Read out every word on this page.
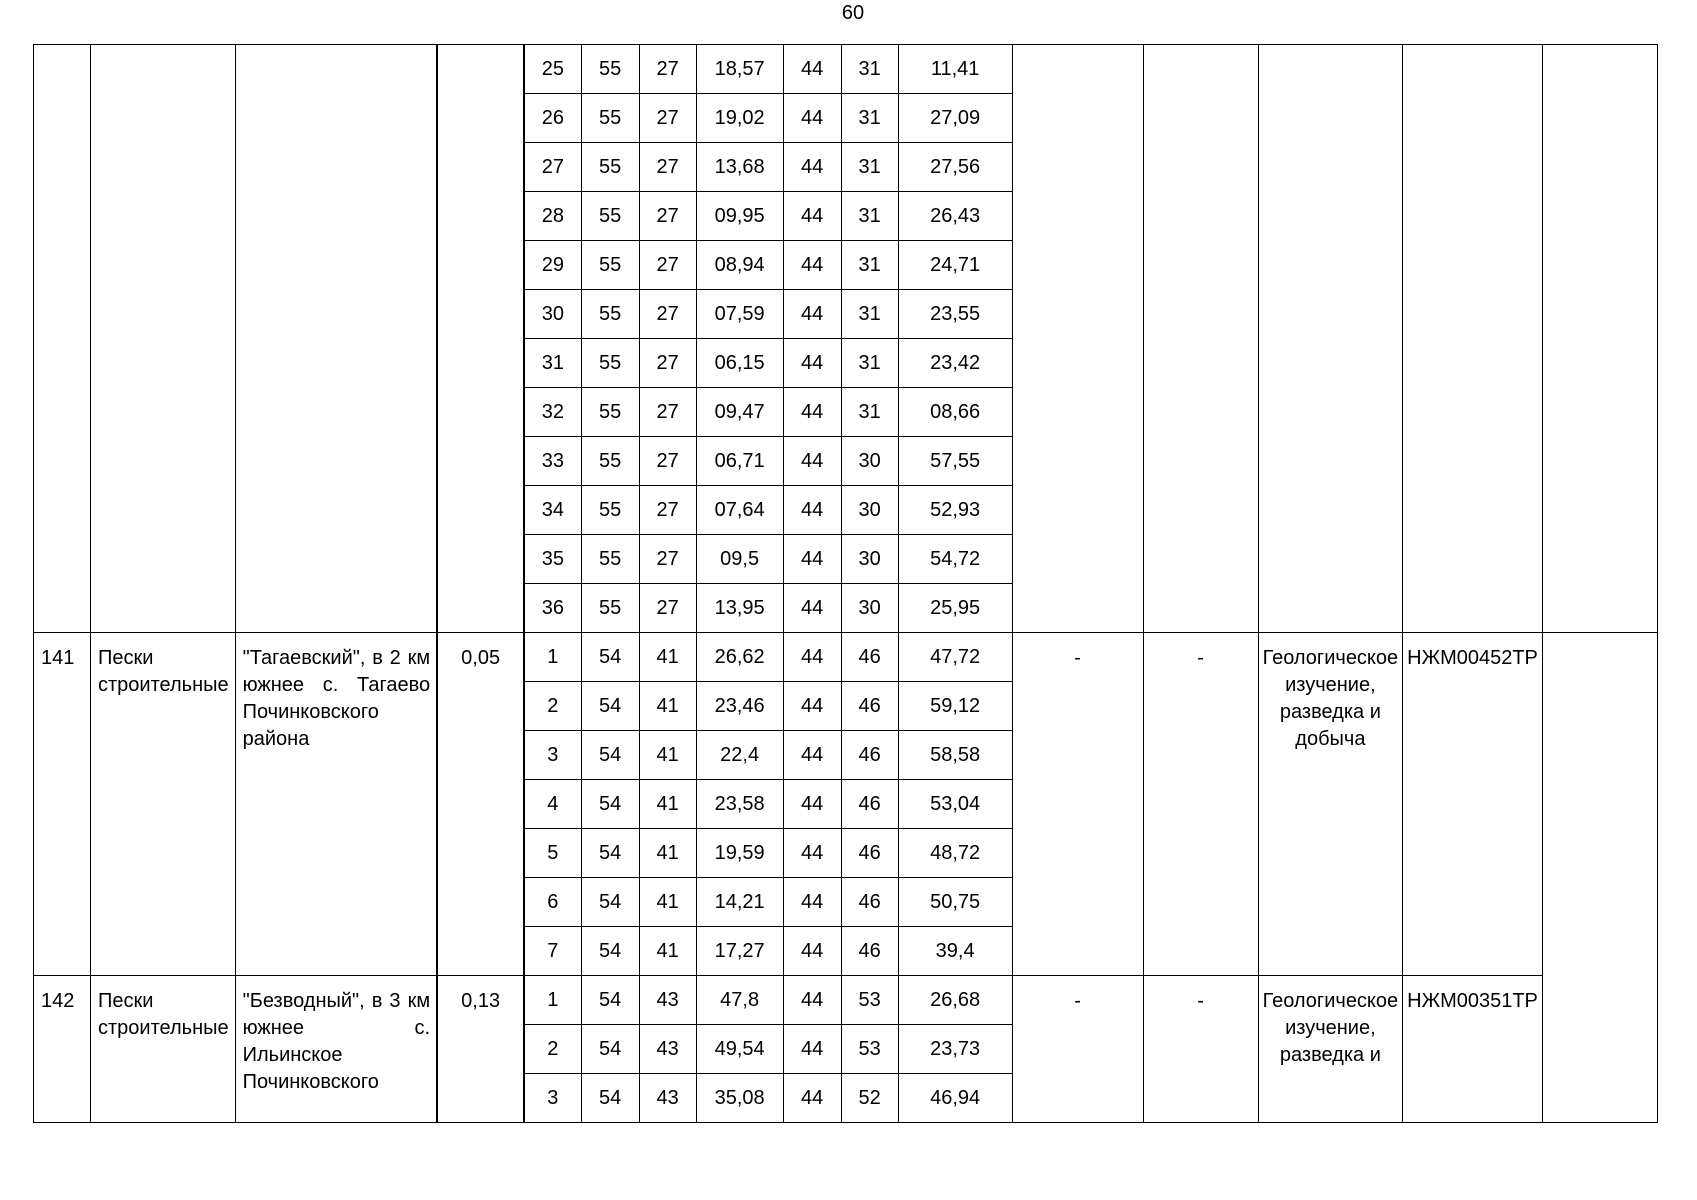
60
				25	55	27	18,57	44	31	11,41					
				26	55	27	19,02	44	31	27,09					
				27	55	27	13,68	44	31	27,56					
				28	55	27	09,95	44	31	26,43					
				29	55	27	08,94	44	31	24,71					
				30	55	27	07,59	44	31	23,55					
				31	55	27	06,15	44	31	23,42					
				32	55	27	09,47	44	31	08,66					
				33	55	27	06,71	44	30	57,55					
				34	55	27	07,64	44	30	52,93					
				35	55	27	09,5	44	30	54,72					
				36	55	27	13,95	44	30	25,95					

141	Пески строительные	"Тагаевский", в 2 км южнее с. Тагаево Починковского района	0,05	1	54	41	26,62	44	46	47,72	-	-	Геологическое изучение, разведка и добыча	НЖМ00452ТР	

				2	54	41	23,46	44	46	59,12					
				3	54	41	22,4	44	46	58,58					
				4	54	41	23,58	44	46	53,04					
				5	54	41	19,59	44	46	48,72					
				6	54	41	14,21	44	46	50,75					
				7	54	41	17,27	44	46	39,4					

142	Пески строительные	"Безводный", в 3 км южнее с. Ильинское Починковского	0,13	1	54	43	47,8	44	53	26,68	-	-	Геологическое изучение, разведка и	НЖМ00351ТР	

				2	54	43	49,54	44	53	23,73					
				3	54	43	35,08	44	52	46,94					
